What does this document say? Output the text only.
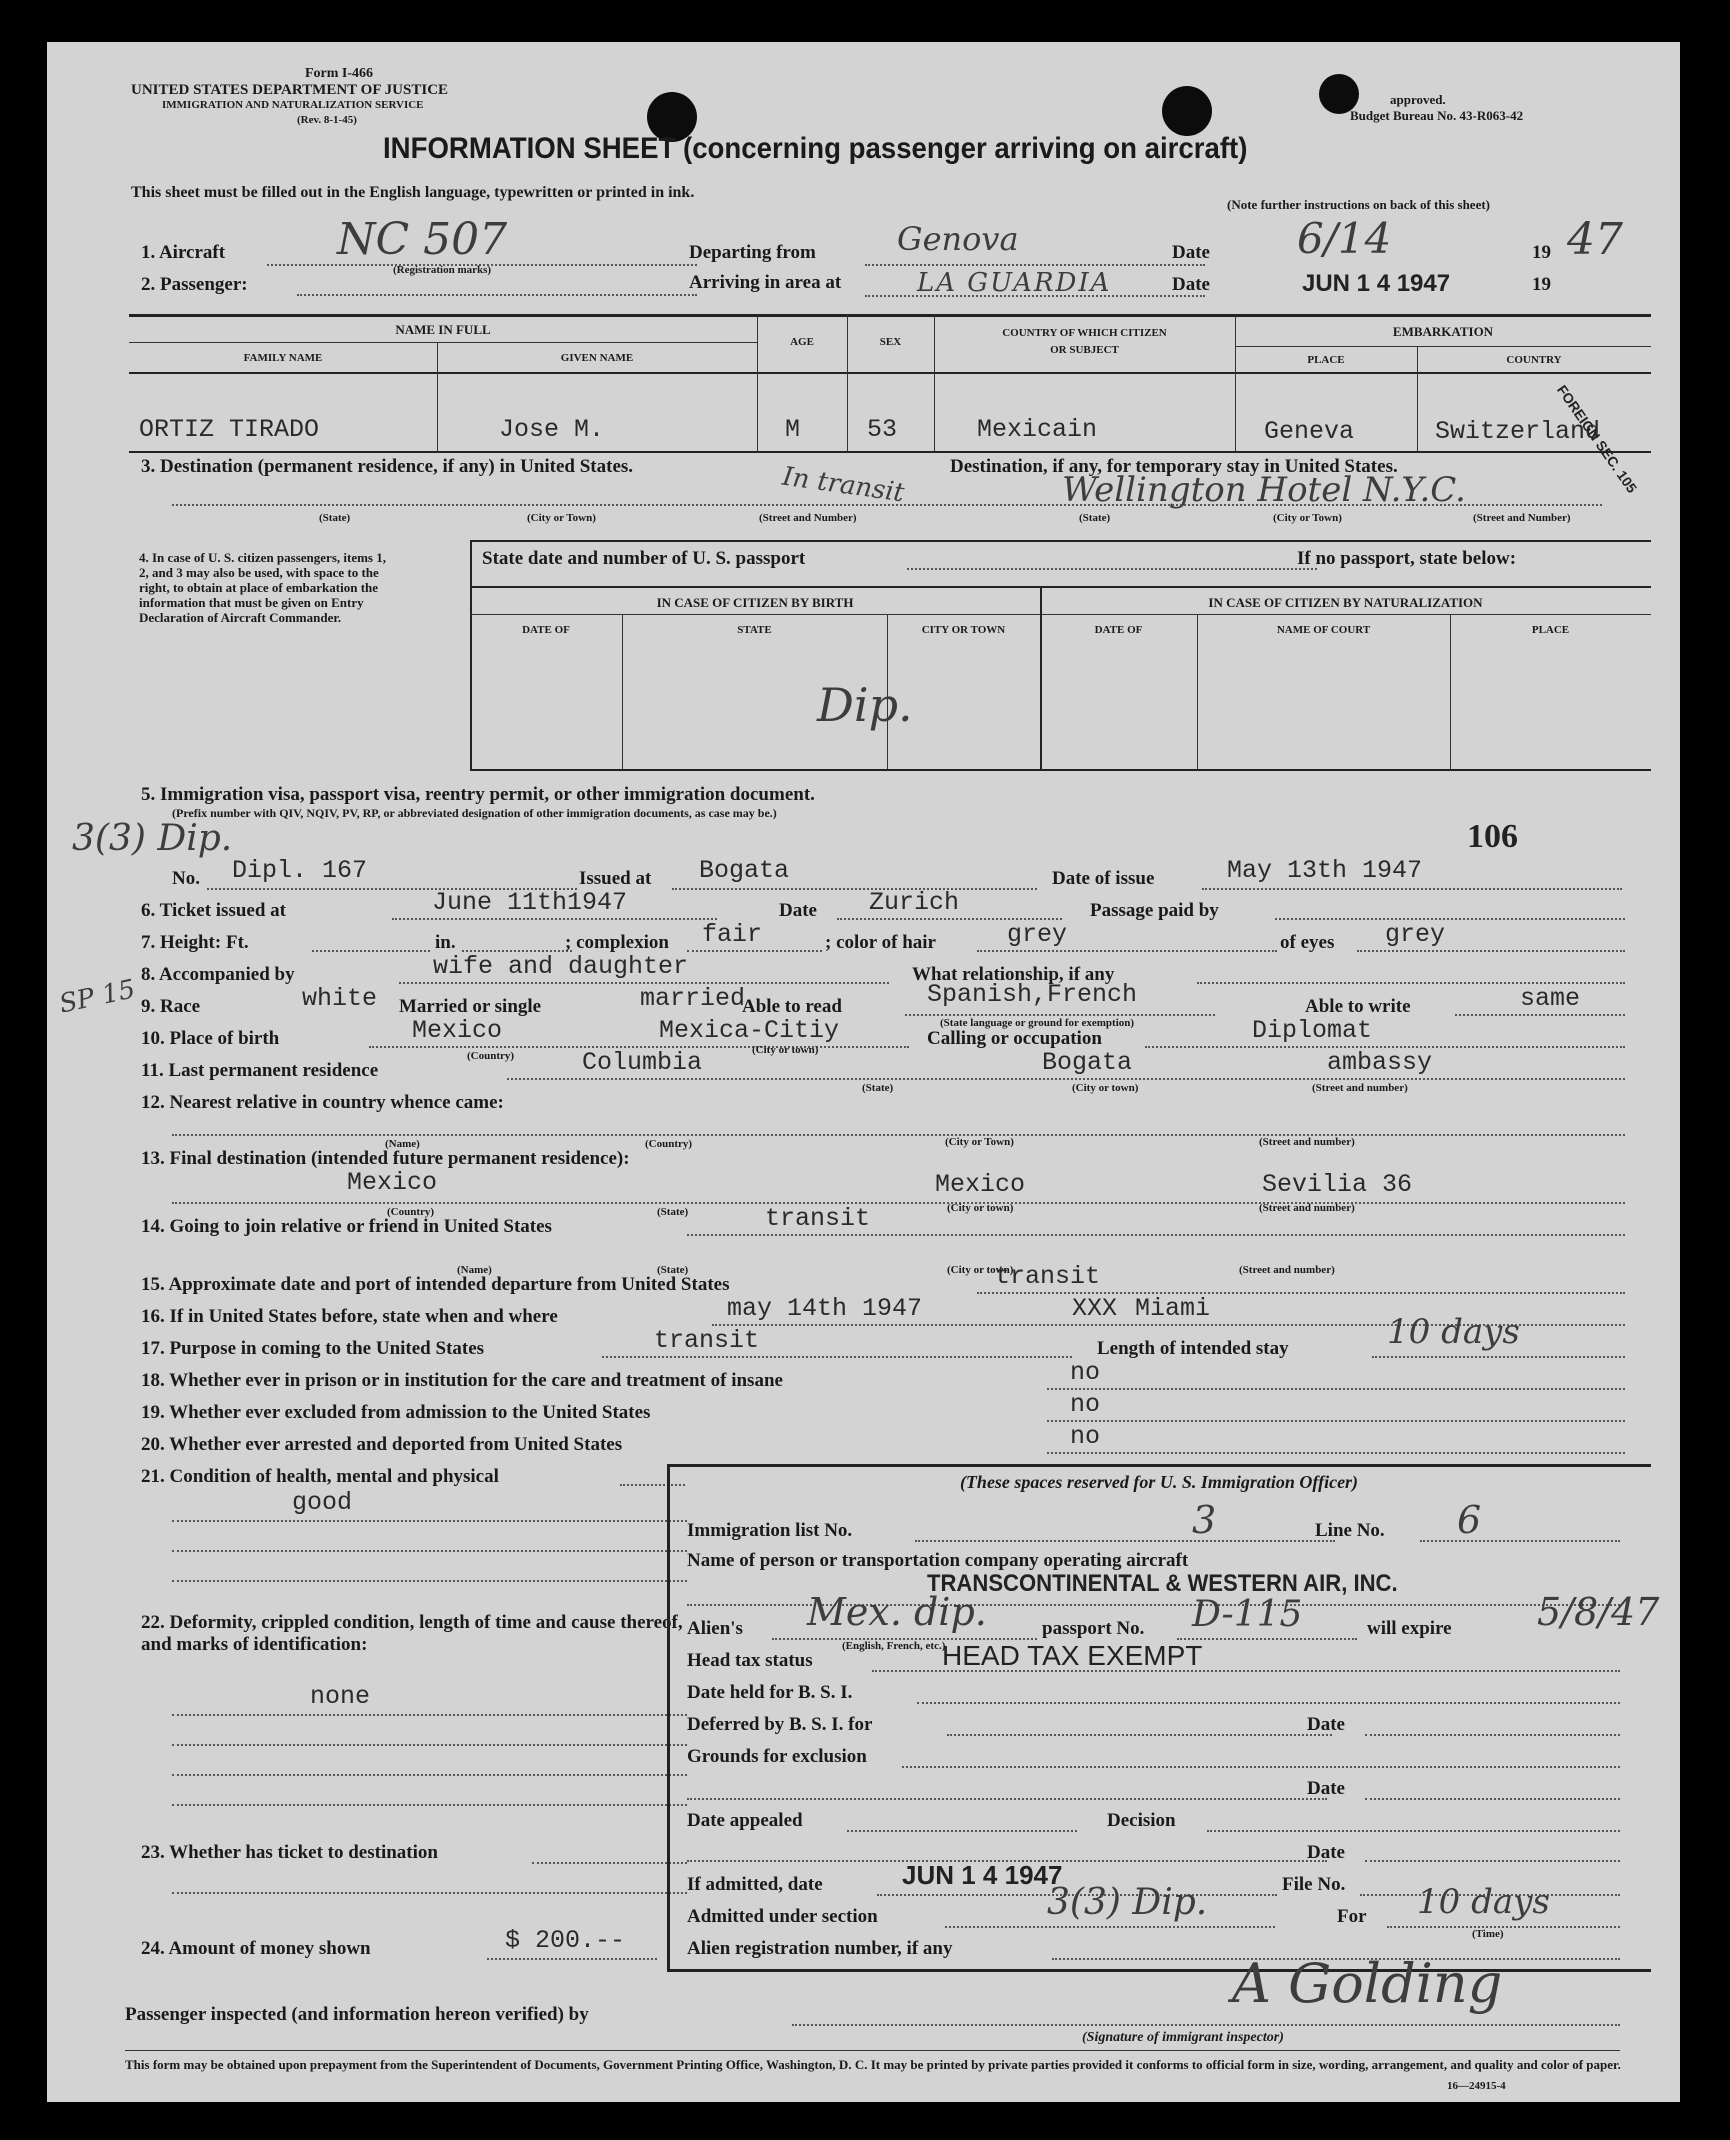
Form I-466
UNITED STATES DEPARTMENT OF JUSTICE
IMMIGRATION AND NATURALIZATION SERVICE
(Rev. 8-1-45)
approved.
Budget Bureau No. 43-R063-42
INFORMATION SHEET (concerning passenger arriving on aircraft)
This sheet must be filled out in the English language, typewritten or printed in ink.
(Note further instructions on back of this sheet)
1. Aircraft	NC 507
(Registration marks)
2. Passenger:
Departing from	Genova
Arriving in area at	LA GUARDIA
Date 6/14	19 47
Date	JUN 1 4 1947	19
NAME IN FULL
FAMILY NAME	GIVEN NAME
AGE	SEX
COUNTRY OF WHICH CITIZEN
OR SUBJECT
EMBARKATION
PLACE	COUNTRY
ORTIZ TIRADO	Jose M.	M	53	Mexicain	Geneva	Switzerland
FOREIGN SEC. 105
3. Destination (permanent residence, if any) in United States.	Destination, if any, for temporary stay in United States.
In transit	Wellington Hotel N.Y.C.
(State)	(City or Town)	(Street and Number)	(State)	(City or Town)	(Street and Number)
4. In case of U. S. citizen passengers, items 1, 2, and 3 may also be used, with space to the right, to obtain at place of embarkation the information that must be given on Entry Declaration of Aircraft Commander.
State date and number of U. S. passport	If no passport, state below:
IN CASE OF CITIZEN BY BIRTH	IN CASE OF CITIZEN BY NATURALIZATION
DATE OF	STATE	CITY OR TOWN	DATE OF	NAME OF COURT	PLACE
Dip.
5. Immigration visa, passport visa, reentry permit, or other immigration document.
(Prefix number with QIV, NQIV, PV, RP, or abbreviated designation of other immigration documents, as case may be.)
3(3) Dip.	106
No. Dipl. 167	Issued at Bogata	Date of issue	May 13th 1947
6. Ticket issued at	June 11th1947	Date Zurich	Passage paid by
7. Height: Ft.	in.	; complexion fair	; color of hair	grey	of eyes grey
8. Accompanied by	wife and daughter	What relationship, if any
SP 15 9. Race	white Married or single	married
Able to read	Spanish,French
(State language or ground for exemption)
Able to write	same
10. Place of birth	Mexico	Mexica-Citiy
(Country)	(City or town)
Calling or occupation	Diplomat
11. Last permanent residence	Columbia	Bogata	ambassy
(State)	(City or town)	(Street and number)
12. Nearest relative in country whence came:
(Name)	(Country)	(City or Town)	(Street and number)
13. Final destination (intended future permanent residence):
Mexico	Mexico	Sevilia 36
(Country)	(State)	(City or town)	(Street and number)
14. Going to join relative or friend in United States	transit
(Name)	(State)	(City or town)	(Street and number)
15. Approximate date and port of intended departure from United States	transit
16. If in United States before, state when and where	may 14th 1947	XXX Miami
17. Purpose in coming to the United States	transit	Length of intended stay	10 days
18. Whether ever in prison or in institution for the care and treatment of insane	no
19. Whether ever excluded from admission to the United States	no
20. Whether ever arrested and deported from United States	no
21. Condition of health, mental and physical
good
22. Deformity, crippled condition, length of time and cause thereof, and marks of identification:
none
23. Whether has ticket to destination
24. Amount of money shown	$ 200.--
(These spaces reserved for U. S. Immigration Officer)
Immigration list No.	3	Line No. 6
Name of person or transportation company operating aircraft
TRANSCONTINENTAL & WESTERN AIR, INC.
Alien's Mex. dip.
(English, French, etc.)
passport No. D-115	will expire 5/8/47
Head tax status	HEAD TAX EXEMPT
Date held for B. S. I.
Deferred by B. S. I. for	Date
Grounds for exclusion
Date
Date appealed	Decision
Date
If admitted, date	JUN 1 4 1947	File No.
Admitted under section	3(3) Dip.	For 10 days
(Time)
Alien registration number, if any
A Golding
Passenger inspected (and information hereon verified) by
(Signature of immigrant inspector)
This form may be obtained upon prepayment from the Superintendent of Documents, Government Printing Office, Washington, D. C. It may be printed by private parties provided it conforms to official form in size, wording, arrangement, and quality and color of paper.
16—24915-4
